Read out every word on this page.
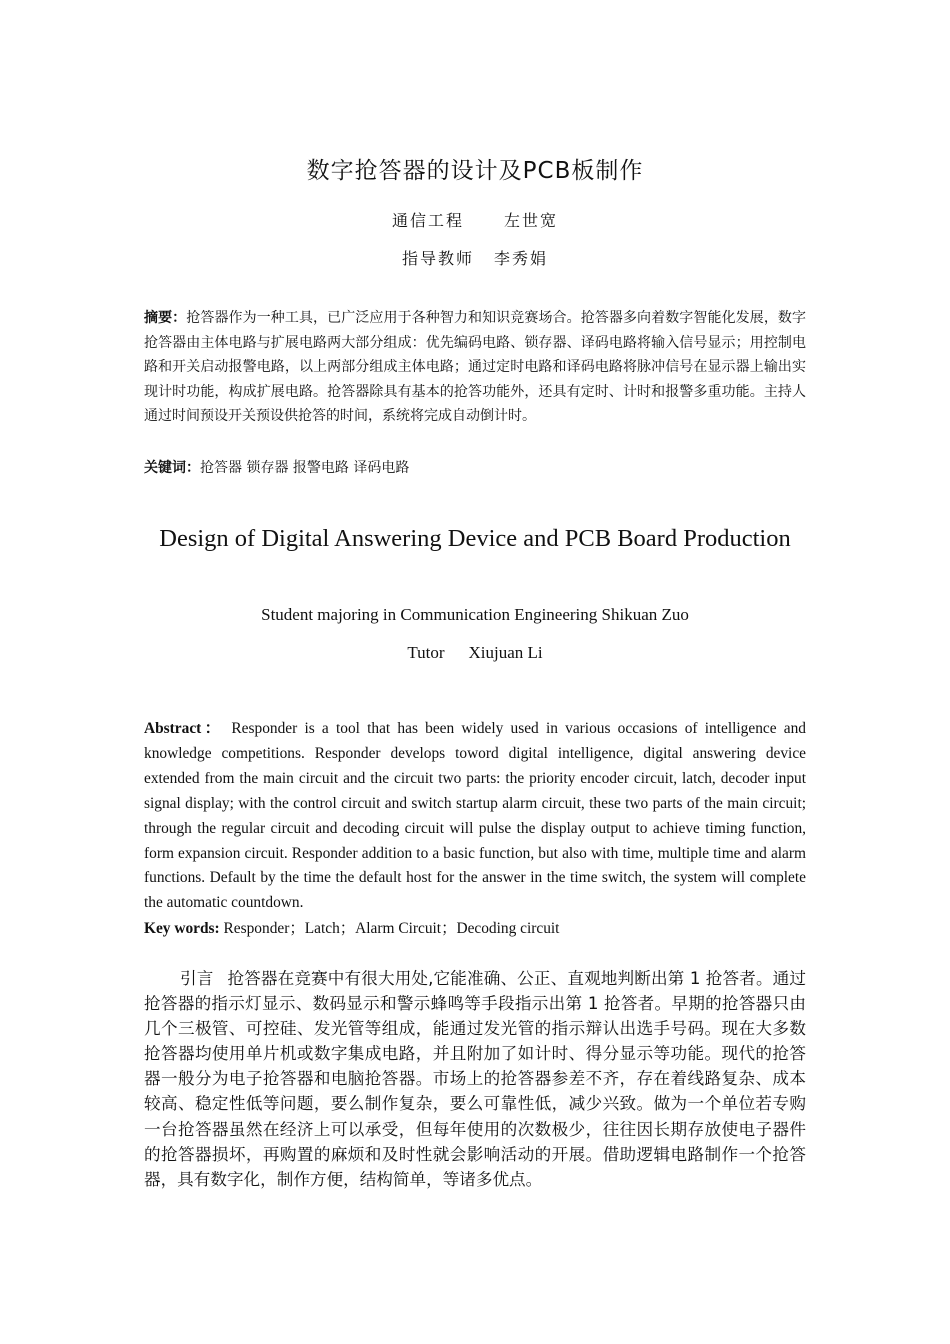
数字抢答器的设计及PCB板制作
通信工程	左世宽
指导教师 李秀娟
摘要：抢答器作为一种工具，已广泛应用于各种智力和知识竞赛场合。抢答器多向着数字智能化发展，数字抢答器由主体电路与扩展电路两大部分组成：优先编码电路、锁存器、译码电路将输入信号显示；用控制电路和开关启动报警电路，以上两部分组成主体电路；通过定时电路和译码电路将脉冲信号在显示器上输出实现计时功能，构成扩展电路。抢答器除具有基本的抢答功能外，还具有定时、计时和报警多重功能。主持人通过时间预设开关预设供抢答的时间，系统将完成自动倒计时。
关键词：抢答器 锁存器 报警电路 译码电路
Design of Digital Answering Device and PCB Board Production
Student majoring in Communication Engineering Shikuan Zuo
Tutor Xiujuan Li
Abstract： Responder is a tool that has been widely used in various occasions of intelligence and knowledge competitions. Responder develops toword digital intelligence, digital answering device extended from the main circuit and the circuit two parts: the priority encoder circuit, latch, decoder input signal display; with the control circuit and switch startup alarm circuit, these two parts of the main circuit; through the regular circuit and decoding circuit will pulse the display output to achieve timing function, form expansion circuit. Responder addition to a basic function, but also with time, multiple time and alarm functions. Default by the time the default host for the answer in the time switch, the system will complete the automatic countdown.
Key words: Responder；Latch；Alarm Circuit；Decoding circuit
引言 抢答器在竞赛中有很大用处,它能准确、公正、直观地判断出第 1 抢答者。通过抢答器的指示灯显示、数码显示和警示蜂鸣等手段指示出第 1 抢答者。早期的抢答器只由几个三极管、可控硅、发光管等组成，能通过发光管的指示辩认出选手号码。现在大多数抢答器均使用单片机或数字集成电路，并且附加了如计时、得分显示等功能。现代的抢答器一般分为电子抢答器和电脑抢答器。市场上的抢答器参差不齐，存在着线路复杂、成本较高、稳定性低等问题，要么制作复杂，要么可靠性低，减少兴致。做为一个单位若专购一台抢答器虽然在经济上可以承受，但每年使用的次数极少，往往因长期存放使电子器件的抢答器损坏，再购置的麻烦和及时性就会影响活动的开展。借助逻辑电路制作一个抢答器，具有数字化，制作方便，结构简单，等诸多优点。
